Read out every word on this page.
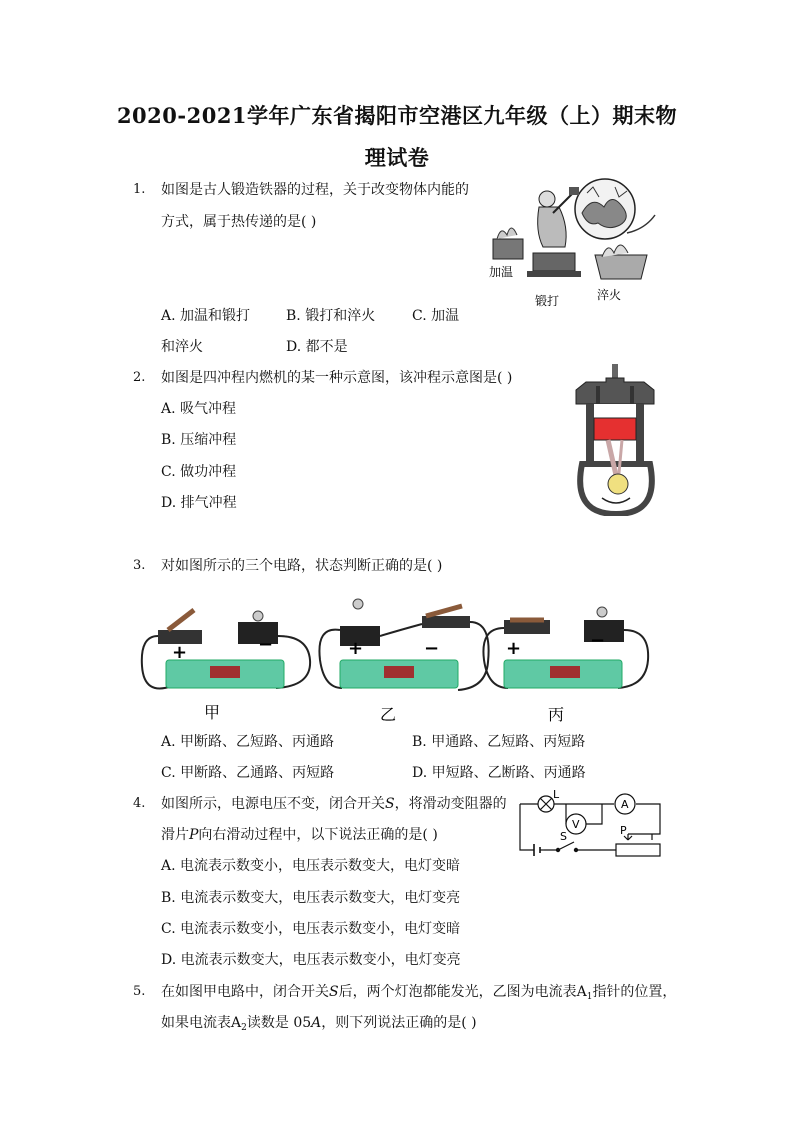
2020-2021学年广东省揭阳市空港区九年级（上）期末物
理试卷
1. 如图是古人锻造铁器的过程，关于改变物体内能的
方式，属于热传递的是( )
A. 加温和锻打	B. 锻打和淬火	C. 加温
和淬火	D. 都不是
加温
锻打	淬火
2. 如图是四冲程内燃机的某一种示意图，该冲程示意图是( )
A. 吸气冲程
B. 压缩冲程
C. 做功冲程
D. 排气冲程
3. 对如图所示的三个电路，状态判断正确的是( )
+	−	+	−	+	−
甲	乙	丙
A. 甲断路、乙短路、丙通路	B. 甲通路、乙短路、丙短路
C. 甲断路、乙通路、丙短路	D. 甲短路、乙断路、丙通路
4. 如图所示，电源电压不变，闭合开关S，将滑动变阻器的
滑片P向右滑动过程中，以下说法正确的是( )
A. 电流表示数变小，电压表示数变大，电灯变暗
B. 电流表示数变大，电压表示数变大，电灯变亮
C. 电流表示数变小，电压表示数变小，电灯变暗
D. 电流表示数变大，电压表示数变小，电灯变亮
L
A
V
S	P
5. 在如图甲电路中，闭合开关S后，两个灯泡都能发光，乙图为电流表$A_1$指针的位置，
如果电流表$A_2$读数是 05A，则下列说法正确的是( )
